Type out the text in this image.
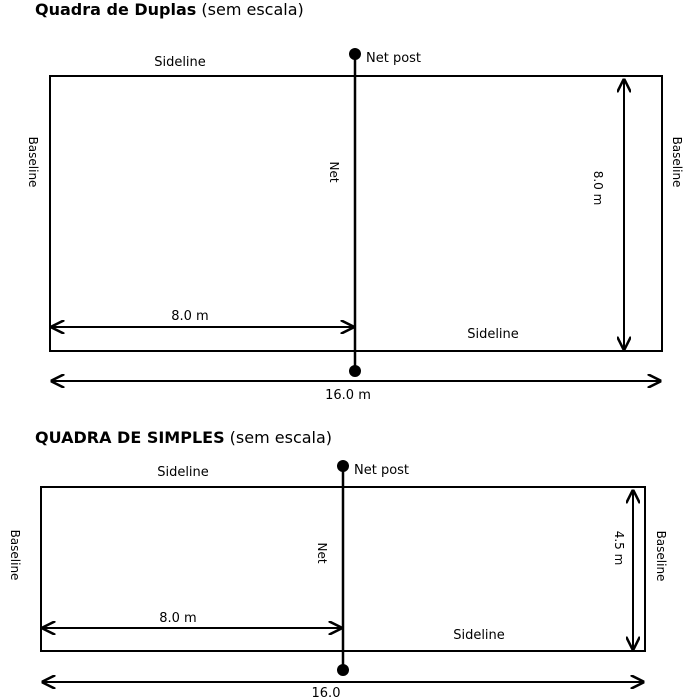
Quadra de Duplas (sem escala)
QUADRA DE SIMPLES (sem escala)
Net post
Sideline
Sideline
Net
Baseline	Baseline
8.0 m
8.0 m
16.0 m
Net post
Sideline
Sideline
Net
Baseline	Baseline
8.0 m
4.5 m
16.0
